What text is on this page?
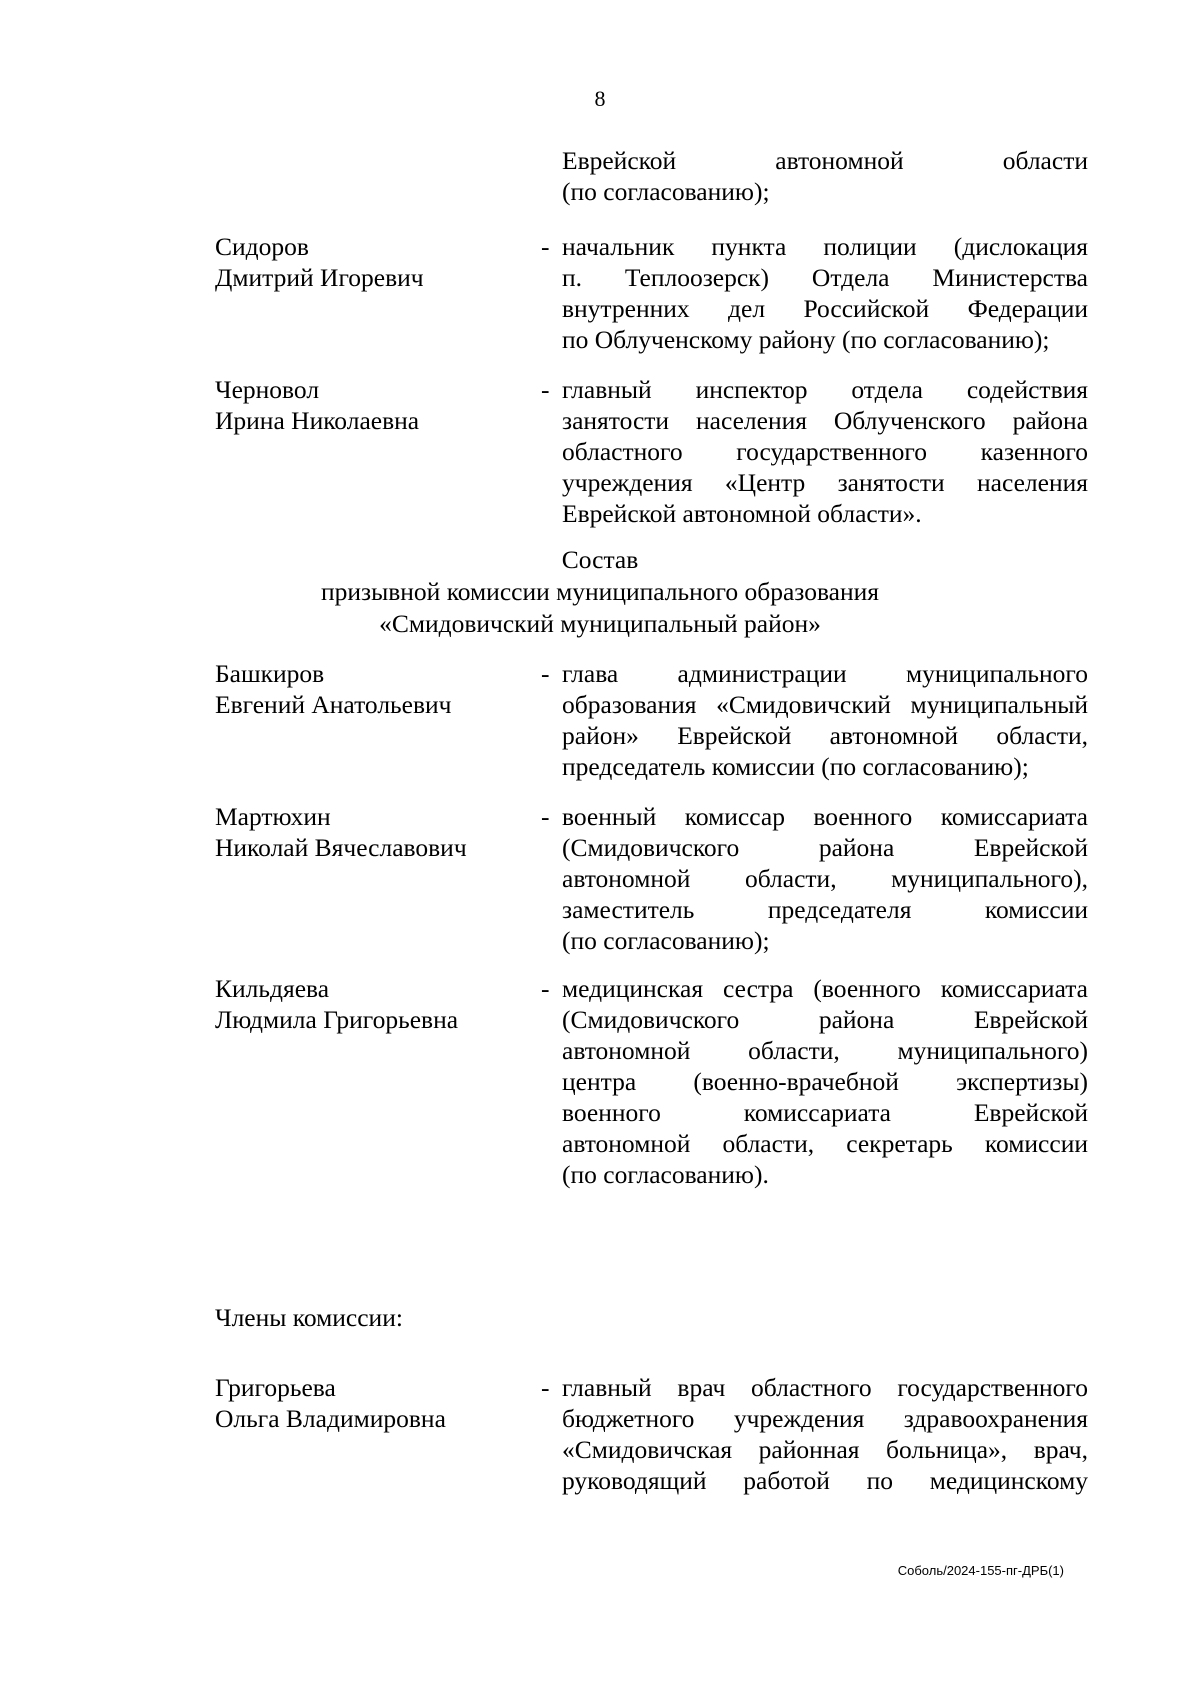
8
Еврейской автономной области
(по согласованию);
Сидоров
Дмитрий Игоревич
- начальник пункта полиции (дислокация
п. Теплоозерск) Отдела Министерства
внутренних дел Российской Федерации
по Облученскому району (по согласованию);
Черновол
Ирина Николаевна
- главный инспектор отдела содействия
занятости населения Облученского района
областного государственного казенного
учреждения «Центр занятости населения
Еврейской автономной области».
Состав
призывной комиссии муниципального образования
«Смидовичский муниципальный район»
Башкиров
Евгений Анатольевич
- глава администрации муниципального
образования «Смидовичский муниципальный
район» Еврейской автономной области,
председатель комиссии (по согласованию);
Мартюхин
Николай Вячеславович
- военный комиссар военного комиссариата
(Смидовичского района Еврейской
автономной области, муниципального),
заместитель председателя комиссии
(по согласованию);
Кильдяева
Людмила Григорьевна
- медицинская сестра (военного комиссариата
(Смидовичского района Еврейской
автономной области, муниципального)
центра (военно-врачебной экспертизы)
военного комиссариата Еврейской
автономной области, секретарь комиссии
(по согласованию).
Члены комиссии:
Григорьева
Ольга Владимировна
- главный врач областного государственного
бюджетного учреждения здравоохранения
«Смидовичская районная больница», врач,
руководящий работой по медицинскому
Соболь/2024-155-пг-ДРБ(1)
